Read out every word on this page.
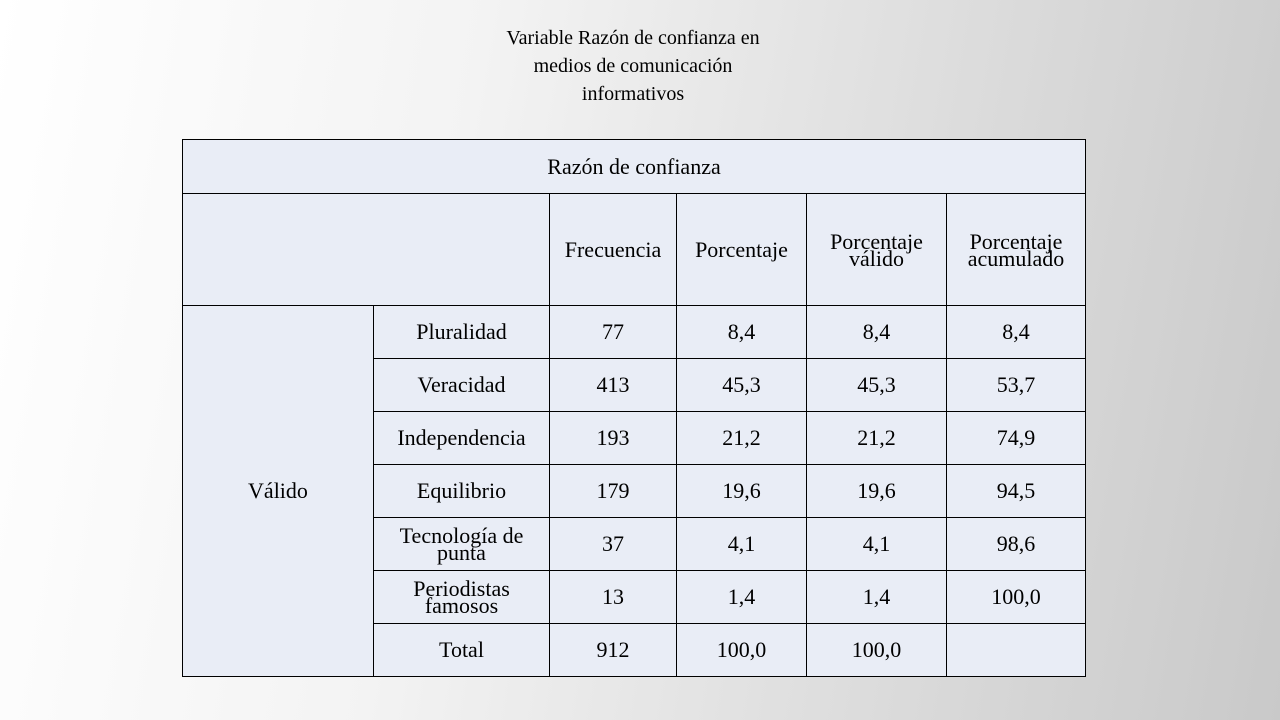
Variable Razón de confianza en
medios de comunicación
informativos
Razón de confianza					
		Frecuencia	Porcentaje	Porcentaje válido	Porcentaje acumulado
Válido	Pluralidad	77	8,4	8,4	8,4
	Veracidad	413	45,3	45,3	53,7
	Independencia	193	21,2	21,2	74,9
	Equilibrio	179	19,6	19,6	94,5
	Tecnología de punta	37	4,1	4,1	98,6
	Periodistas famosos	13	1,4	1,4	100,0
	Total	912	100,0	100,0	
